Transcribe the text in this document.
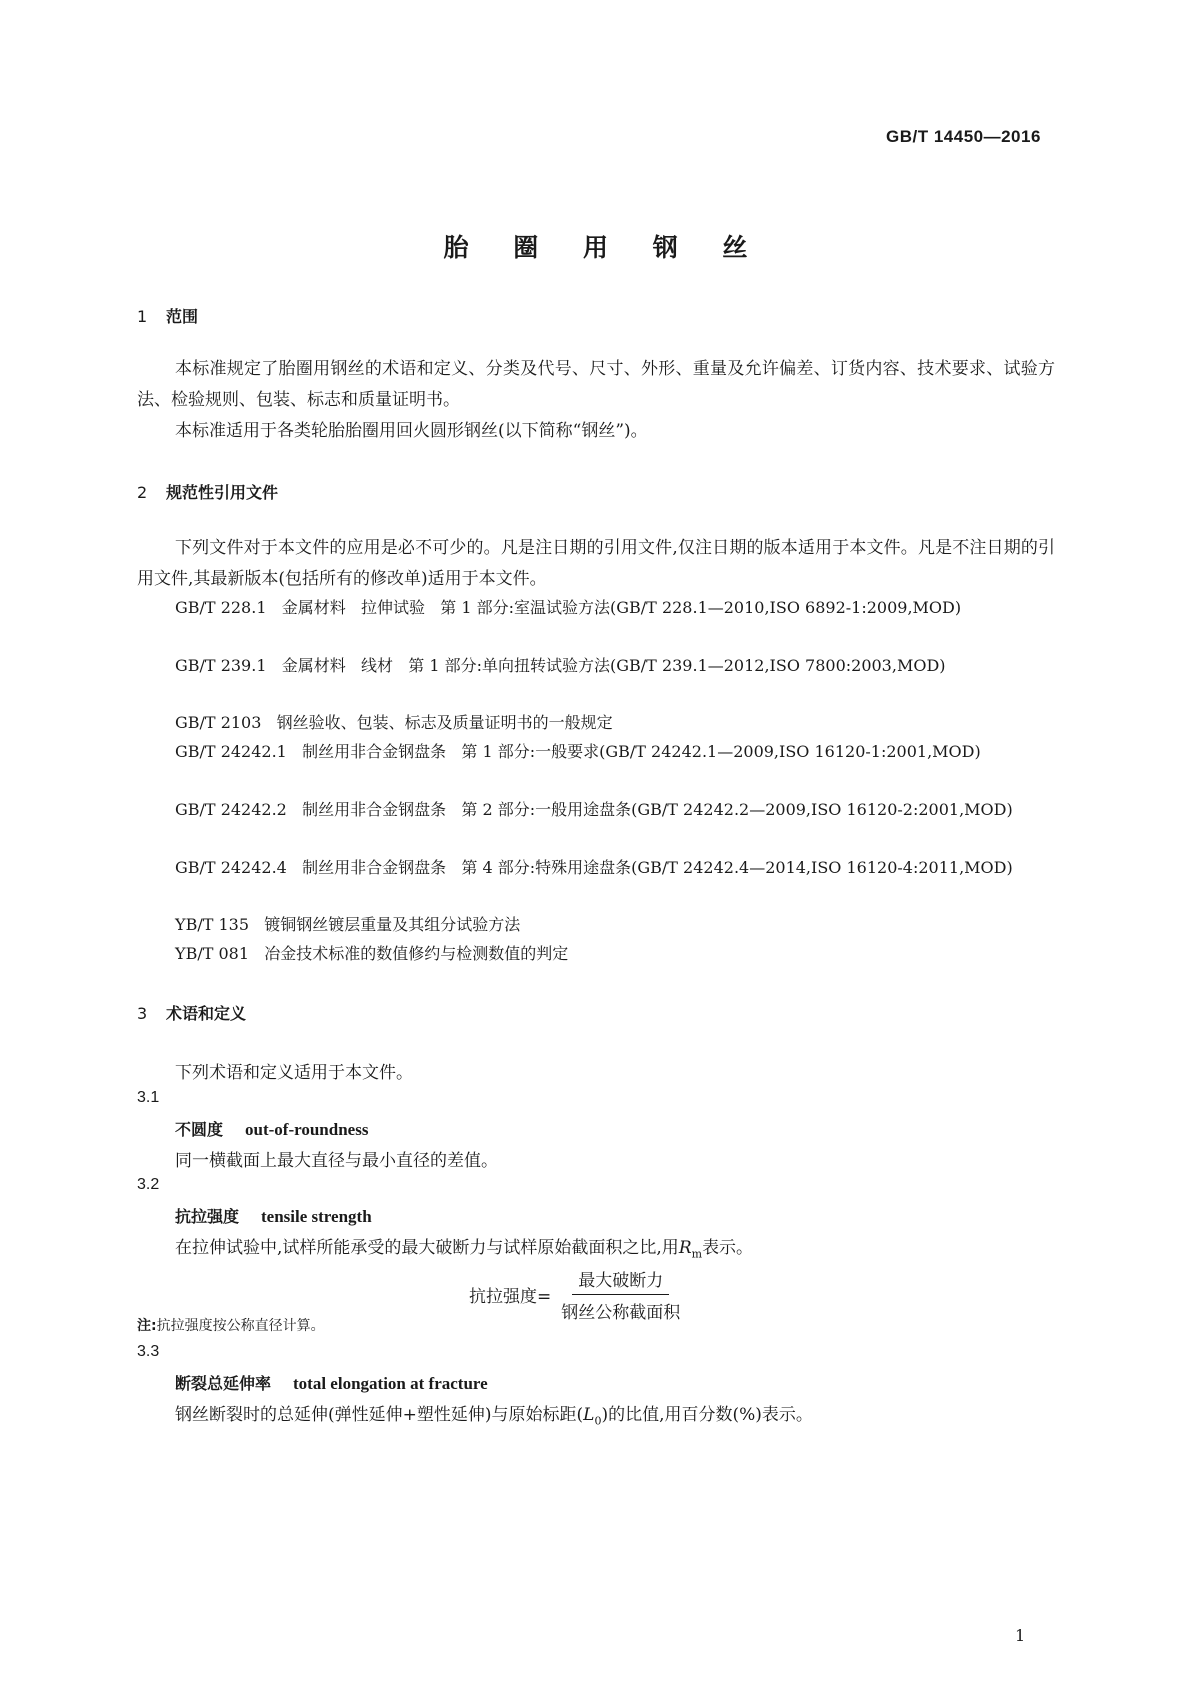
GB/T 14450—2016
胎 圈 用 钢 丝
1 范围
本标准规定了胎圈用钢丝的术语和定义、分类及代号、尺寸、外形、重量及允许偏差、订货内容、技术要求、试验方法、检验规则、包装、标志和质量证明书。
本标准适用于各类轮胎胎圈用回火圆形钢丝(以下简称“钢丝”)。
2 规范性引用文件
下列文件对于本文件的应用是必不可少的。凡是注日期的引用文件,仅注日期的版本适用于本文件。凡是不注日期的引用文件,其最新版本(包括所有的修改单)适用于本文件。
GB/T 228.1   金属材料   拉伸试验   第 1 部分:室温试验方法(GB/T 228.1—2010,ISO 6892-1:2009,MOD)
GB/T 239.1   金属材料   线材   第 1 部分:单向扭转试验方法(GB/T 239.1—2012,ISO 7800:2003,MOD)
GB/T 2103   钢丝验收、包装、标志及质量证明书的一般规定
GB/T 24242.1   制丝用非合金钢盘条   第 1 部分:一般要求(GB/T 24242.1—2009,ISO 16120-1:2001,MOD)
GB/T 24242.2   制丝用非合金钢盘条   第 2 部分:一般用途盘条(GB/T 24242.2—2009,ISO 16120-2:2001,MOD)
GB/T 24242.4   制丝用非合金钢盘条   第 4 部分:特殊用途盘条(GB/T 24242.4—2014,ISO 16120-4:2011,MOD)
YB/T 135   镀铜钢丝镀层重量及其组分试验方法
YB/T 081   冶金技术标准的数值修约与检测数值的判定
3 术语和定义
下列术语和定义适用于本文件。
3.1
不圆度 out-of-roundness
同一横截面上最大直径与最小直径的差值。
3.2
抗拉强度 tensile strength
在拉伸试验中,试样所能承受的最大破断力与试样原始截面积之比,用$R_m$表示。
抗拉强度= $\frac{\text{最大破断力}}{\text{钢丝公称截面积}}$
注:抗拉强度按公称直径计算。
3.3
断裂总延伸率 total elongation at fracture
钢丝断裂时的总延伸(弹性延伸+塑性延伸)与原始标距$(L_0)$的比值,用百分数(%)表示。
1
